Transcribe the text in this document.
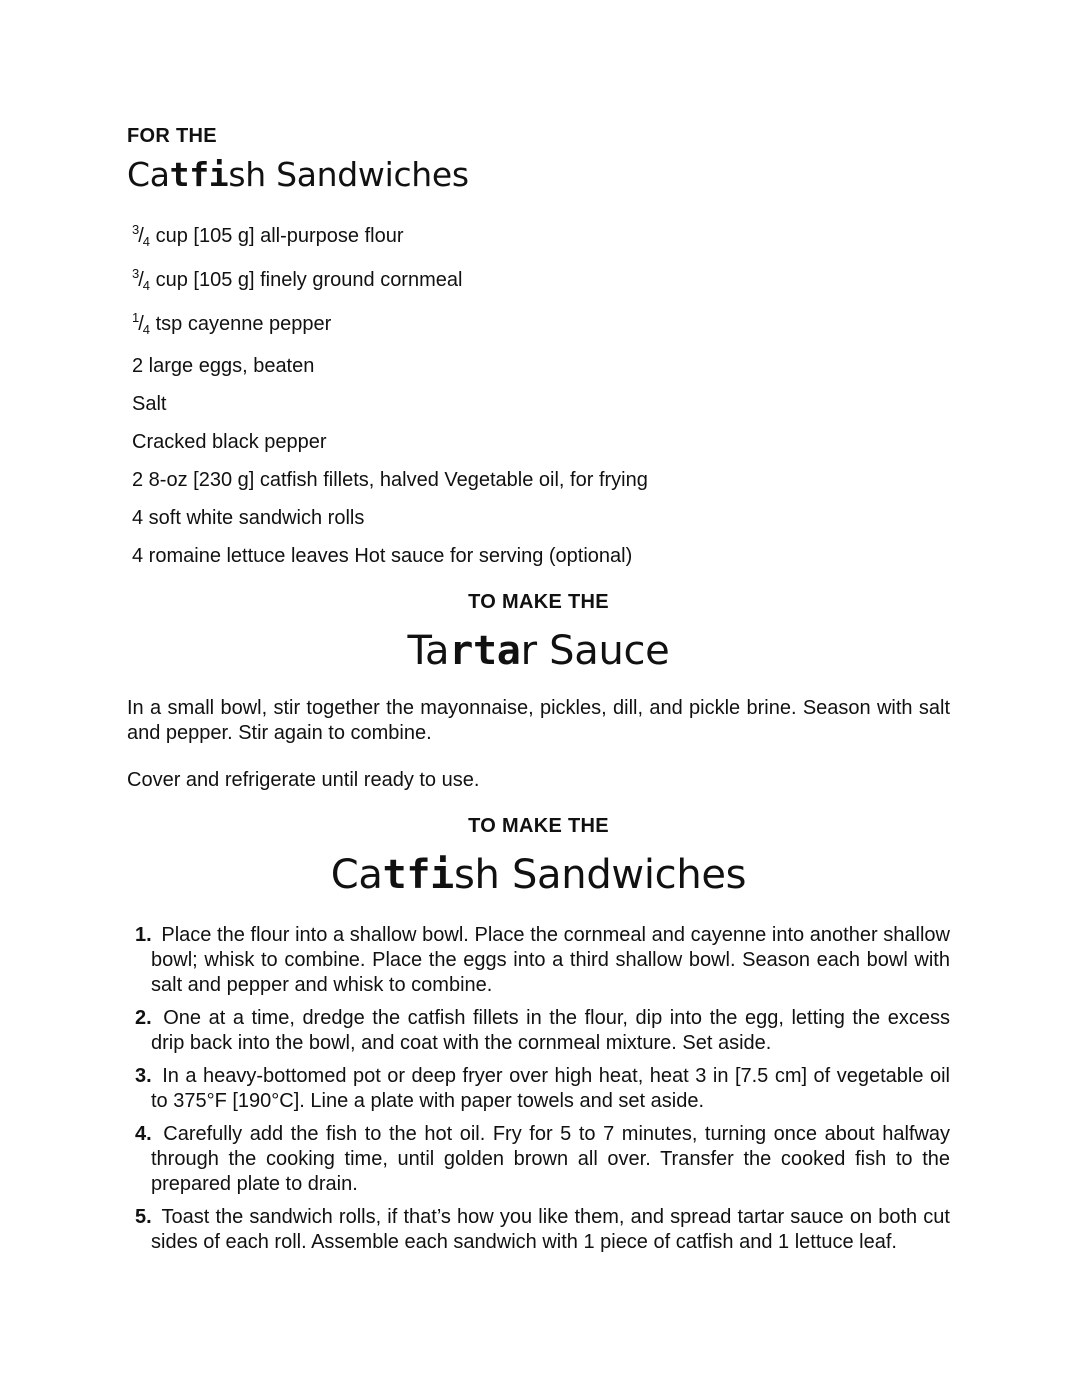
FOR THE
Catfish Sandwiches
$^3/_4$ cup [105 g] all-purpose flour
$^3/_4$ cup [105 g] finely ground cornmeal
$^1/_4$ tsp cayenne pepper
2 large eggs, beaten
Salt
Cracked black pepper
2 8-oz [230 g] catfish fillets, halved Vegetable oil, for frying
4 soft white sandwich rolls
4 romaine lettuce leaves Hot sauce for serving (optional)
TO MAKE THE
Tartar Sauce

In a small bowl, stir together the mayonnaise, pickles, dill, and pickle brine. Season with salt and pepper. Stir again to combine.

Cover and refrigerate until ready to use.

TO MAKE THE
Catfish Sandwiches
1. Place the flour into a shallow bowl. Place the cornmeal and cayenne into another shallow bowl; whisk to combine. Place the eggs into a third shallow bowl. Season each bowl with salt and pepper and whisk to combine.
2. One at a time, dredge the catfish fillets in the flour, dip into the egg, letting the excess drip back into the bowl, and coat with the cornmeal mixture. Set aside.
3. In a heavy-bottomed pot or deep fryer over high heat, heat 3 in [7.5 cm] of vegetable oil to 375°F [190°C]. Line a plate with paper towels and set aside.
4. Carefully add the fish to the hot oil. Fry for 5 to 7 minutes, turning once about halfway through the cooking time, until golden brown all over. Transfer the cooked fish to the prepared plate to drain.
5. Toast the sandwich rolls, if that’s how you like them, and spread tartar sauce on both cut sides of each roll. Assemble each sandwich with 1 piece of catfish and 1 lettuce leaf.
